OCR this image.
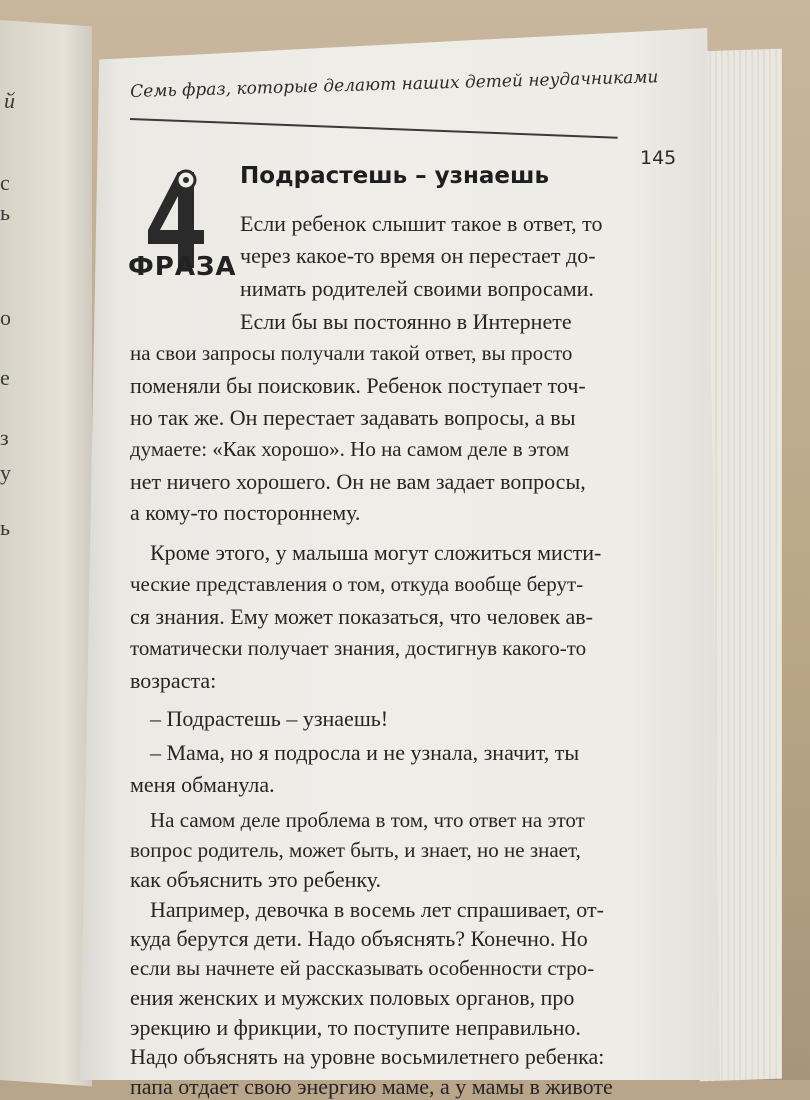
й
с
ь
о
е
з
у
ь
Семь фраз, которые делают наших детей неудачниками
145
ФРАЗА
Подрастешь – узнаешь
Если ребенок слышит такое в ответ, то
через какое-то время он перестает до-
нимать родителей своими вопросами.
Если бы вы постоянно в Интернете
на свои запросы получали такой ответ, вы просто
поменяли бы поисковик. Ребенок поступает точ-
но так же. Он перестает задавать вопросы, а вы
думаете: «Как хорошо». Но на самом деле в этом
нет ничего хорошего. Он не вам задает вопросы,
а кому-то постороннему.
Кроме этого, у малыша могут сложиться мисти-
ческие представления о том, откуда вообще берут-
ся знания. Ему может показаться, что человек ав-
томатически получает знания, достигнув какого-то
возраста:
– Подрастешь – узнаешь!
– Мама, но я подросла и не узнала, значит, ты
меня обманула.
На самом деле проблема в том, что ответ на этот
вопрос родитель, может быть, и знает, но не знает,
как объяснить это ребенку.
Например, девочка в восемь лет спрашивает, от-
куда берутся дети. Надо объяснять? Конечно. Но
если вы начнете ей рассказывать особенности стро-
ения женских и мужских половых органов, про
эрекцию и фрикции, то поступите неправильно.
Надо объяснять на уровне восьмилетнего ребенка:
папа отдает свою энергию маме, а у мамы в животе
